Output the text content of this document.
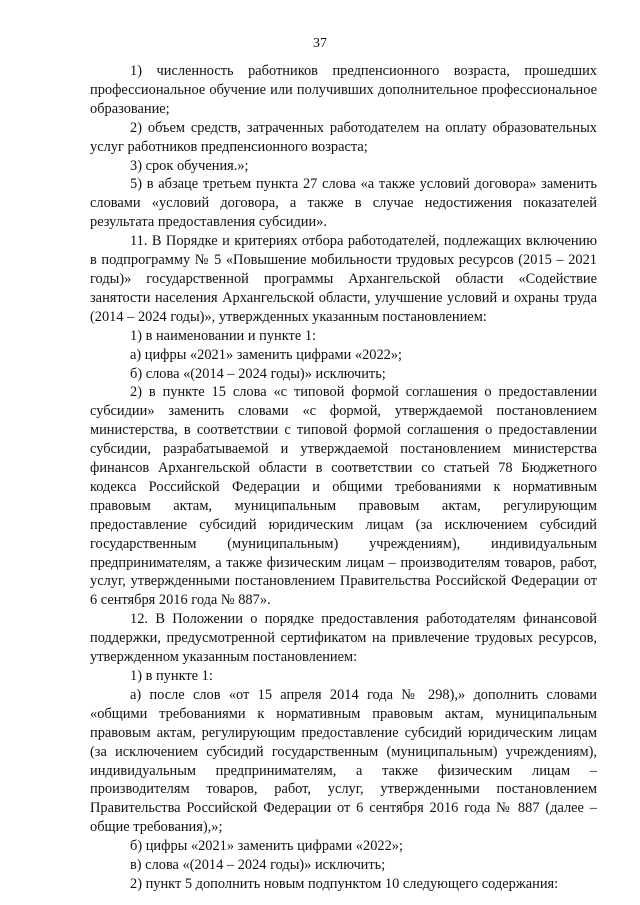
37

1) численность работников предпенсионного возраста, прошедших профессиональное обучение или получивших дополнительное профессиональное образование;

2) объем средств, затраченных работодателем на оплату образовательных услуг работников предпенсионного возраста;

3) срок обучения.»;

5) в абзаце третьем пункта 27 слова «а также условий договора» заменить словами «условий договора, а также в случае недостижения показателей результата предоставления субсидии».

11. В Порядке и критериях отбора работодателей, подлежащих включению в подпрограмму № 5 «Повышение мобильности трудовых ресурсов (2015 – 2021 годы)» государственной программы Архангельской области «Содействие занятости населения Архангельской области, улучшение условий и охраны труда (2014 – 2024 годы)», утвержденных указанным постановлением:

1) в наименовании и пункте 1:

а) цифры «2021» заменить цифрами «2022»;

б) слова «(2014 – 2024 годы)» исключить;

2) в пункте 15 слова «с типовой формой соглашения о предоставлении субсидии» заменить словами «с формой, утверждаемой постановлением министерства, в соответствии с типовой формой соглашения о предоставлении субсидии, разрабатываемой и утверждаемой постановлением министерства финансов Архангельской области в соответствии со статьей 78 Бюджетного кодекса Российской Федерации и общими требованиями к нормативным правовым актам, муниципальным правовым актам, регулирующим предоставление субсидий юридическим лицам (за исключением субсидий государственным (муниципальным) учреждениям), индивидуальным предпринимателям, а также физическим лицам – производителям товаров, работ, услуг, утвержденными постановлением Правительства Российской Федерации от 6 сентября 2016 года № 887».

12. В Положении о порядке предоставления работодателям финансовой поддержки, предусмотренной сертификатом на привлечение трудовых ресурсов, утвержденном указанным постановлением:

1) в пункте 1:

а) после слов «от 15 апреля 2014 года № 298),» дополнить словами «общими требованиями к нормативным правовым актам, муниципальным правовым актам, регулирующим предоставление субсидий юридическим лицам (за исключением субсидий государственным (муниципальным) учреждениям), индивидуальным предпринимателям, а также физическим лицам – производителям товаров, работ, услуг, утвержденными постановлением Правительства Российской Федерации от 6 сентября 2016 года № 887 (далее – общие требования),»;

б) цифры «2021» заменить цифрами «2022»;

в) слова «(2014 – 2024 годы)» исключить;

2) пункт 5 дополнить новым подпунктом 10 следующего содержания:
